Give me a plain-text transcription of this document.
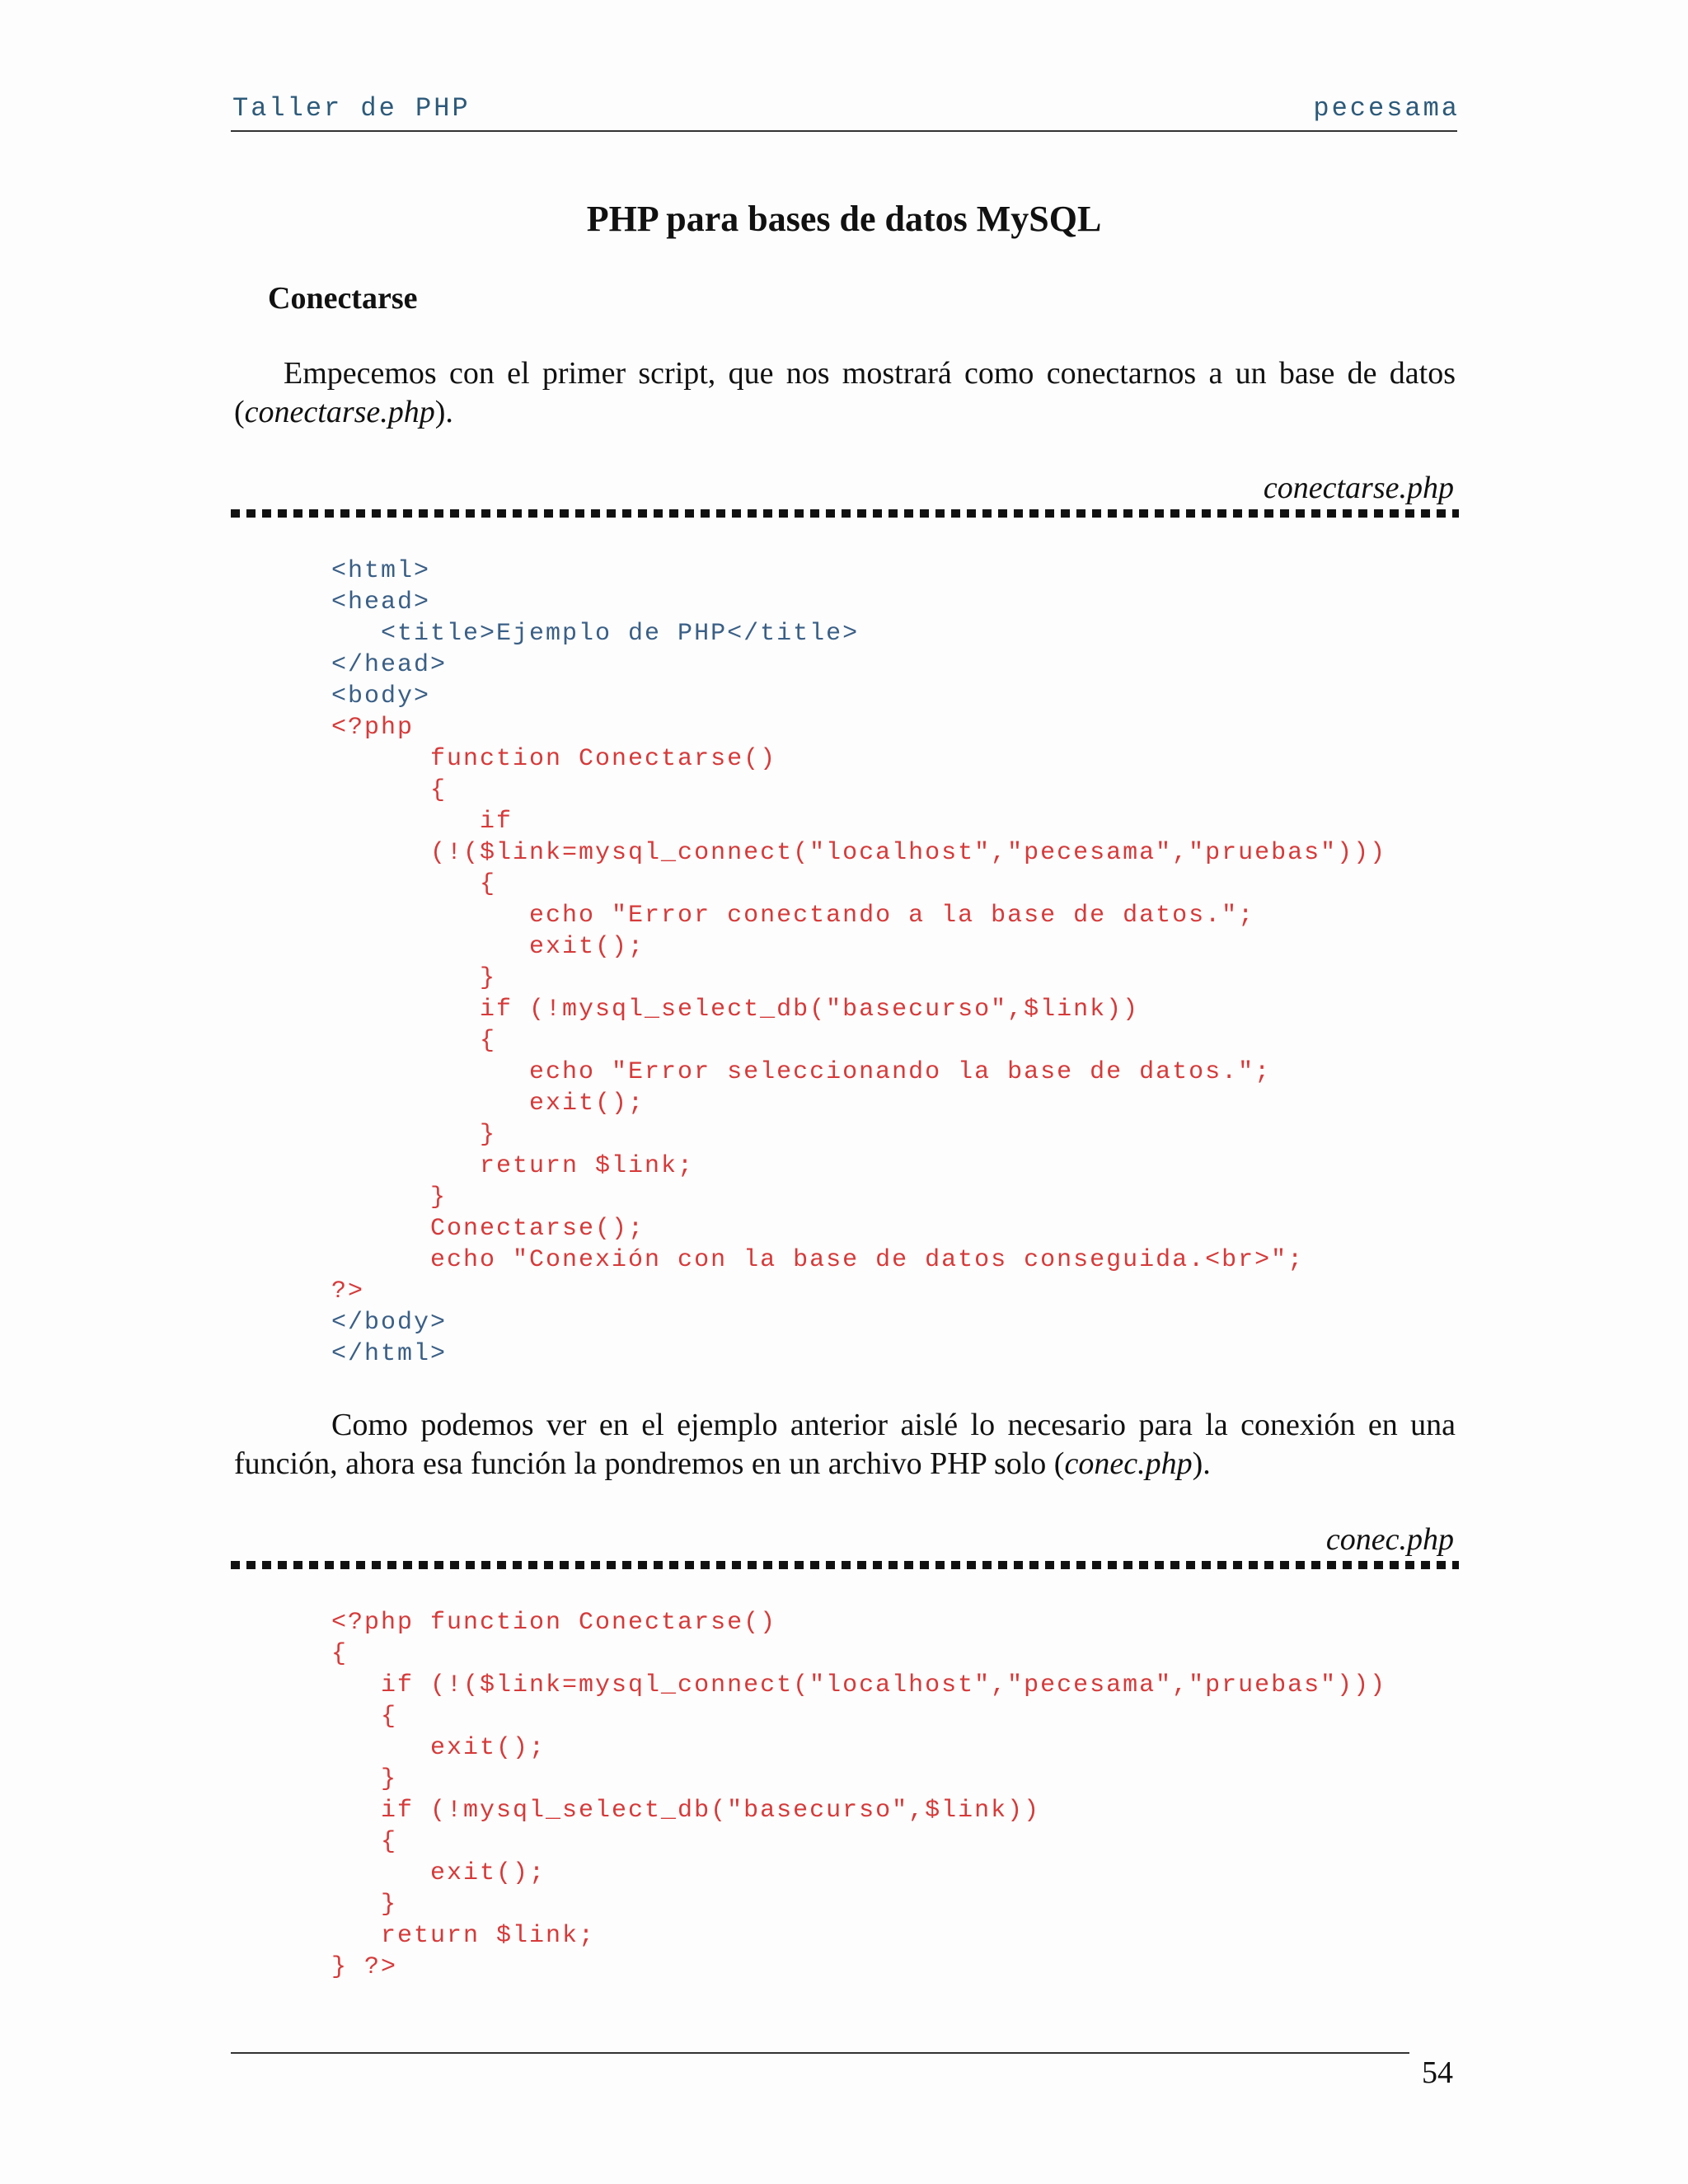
Taller de PHP	pecesama
PHP para bases de datos MySQL
Conectarse

Empecemos con el primer script, que nos mostrará como conectarnos a un base de datos (conectarse.php).

conectarse.php
<html>
<head>
<title>Ejemplo de PHP</title>
</head>
<body>
<?php
function Conectarse()
{
if
(!($link=mysql_connect("localhost","pecesama","pruebas")))
{
echo "Error conectando a la base de datos.";
exit();
}
if (!mysql_select_db("basecurso",$link))
{
echo "Error seleccionando la base de datos.";
exit();
}
return $link;
}
Conectarse();
echo "Conexión con la base de datos conseguida.<br>";
?>
</body>
</html>

Como podemos ver en el ejemplo anterior aislé lo necesario para la conexión en una función, ahora esa función la pondremos en un archivo PHP solo (conec.php).

conec.php
<?php function Conectarse()
{
if (!($link=mysql_connect("localhost","pecesama","pruebas")))
{
exit();
}
if (!mysql_select_db("basecurso",$link))
{
exit();
}
return $link;
} ?>
54
